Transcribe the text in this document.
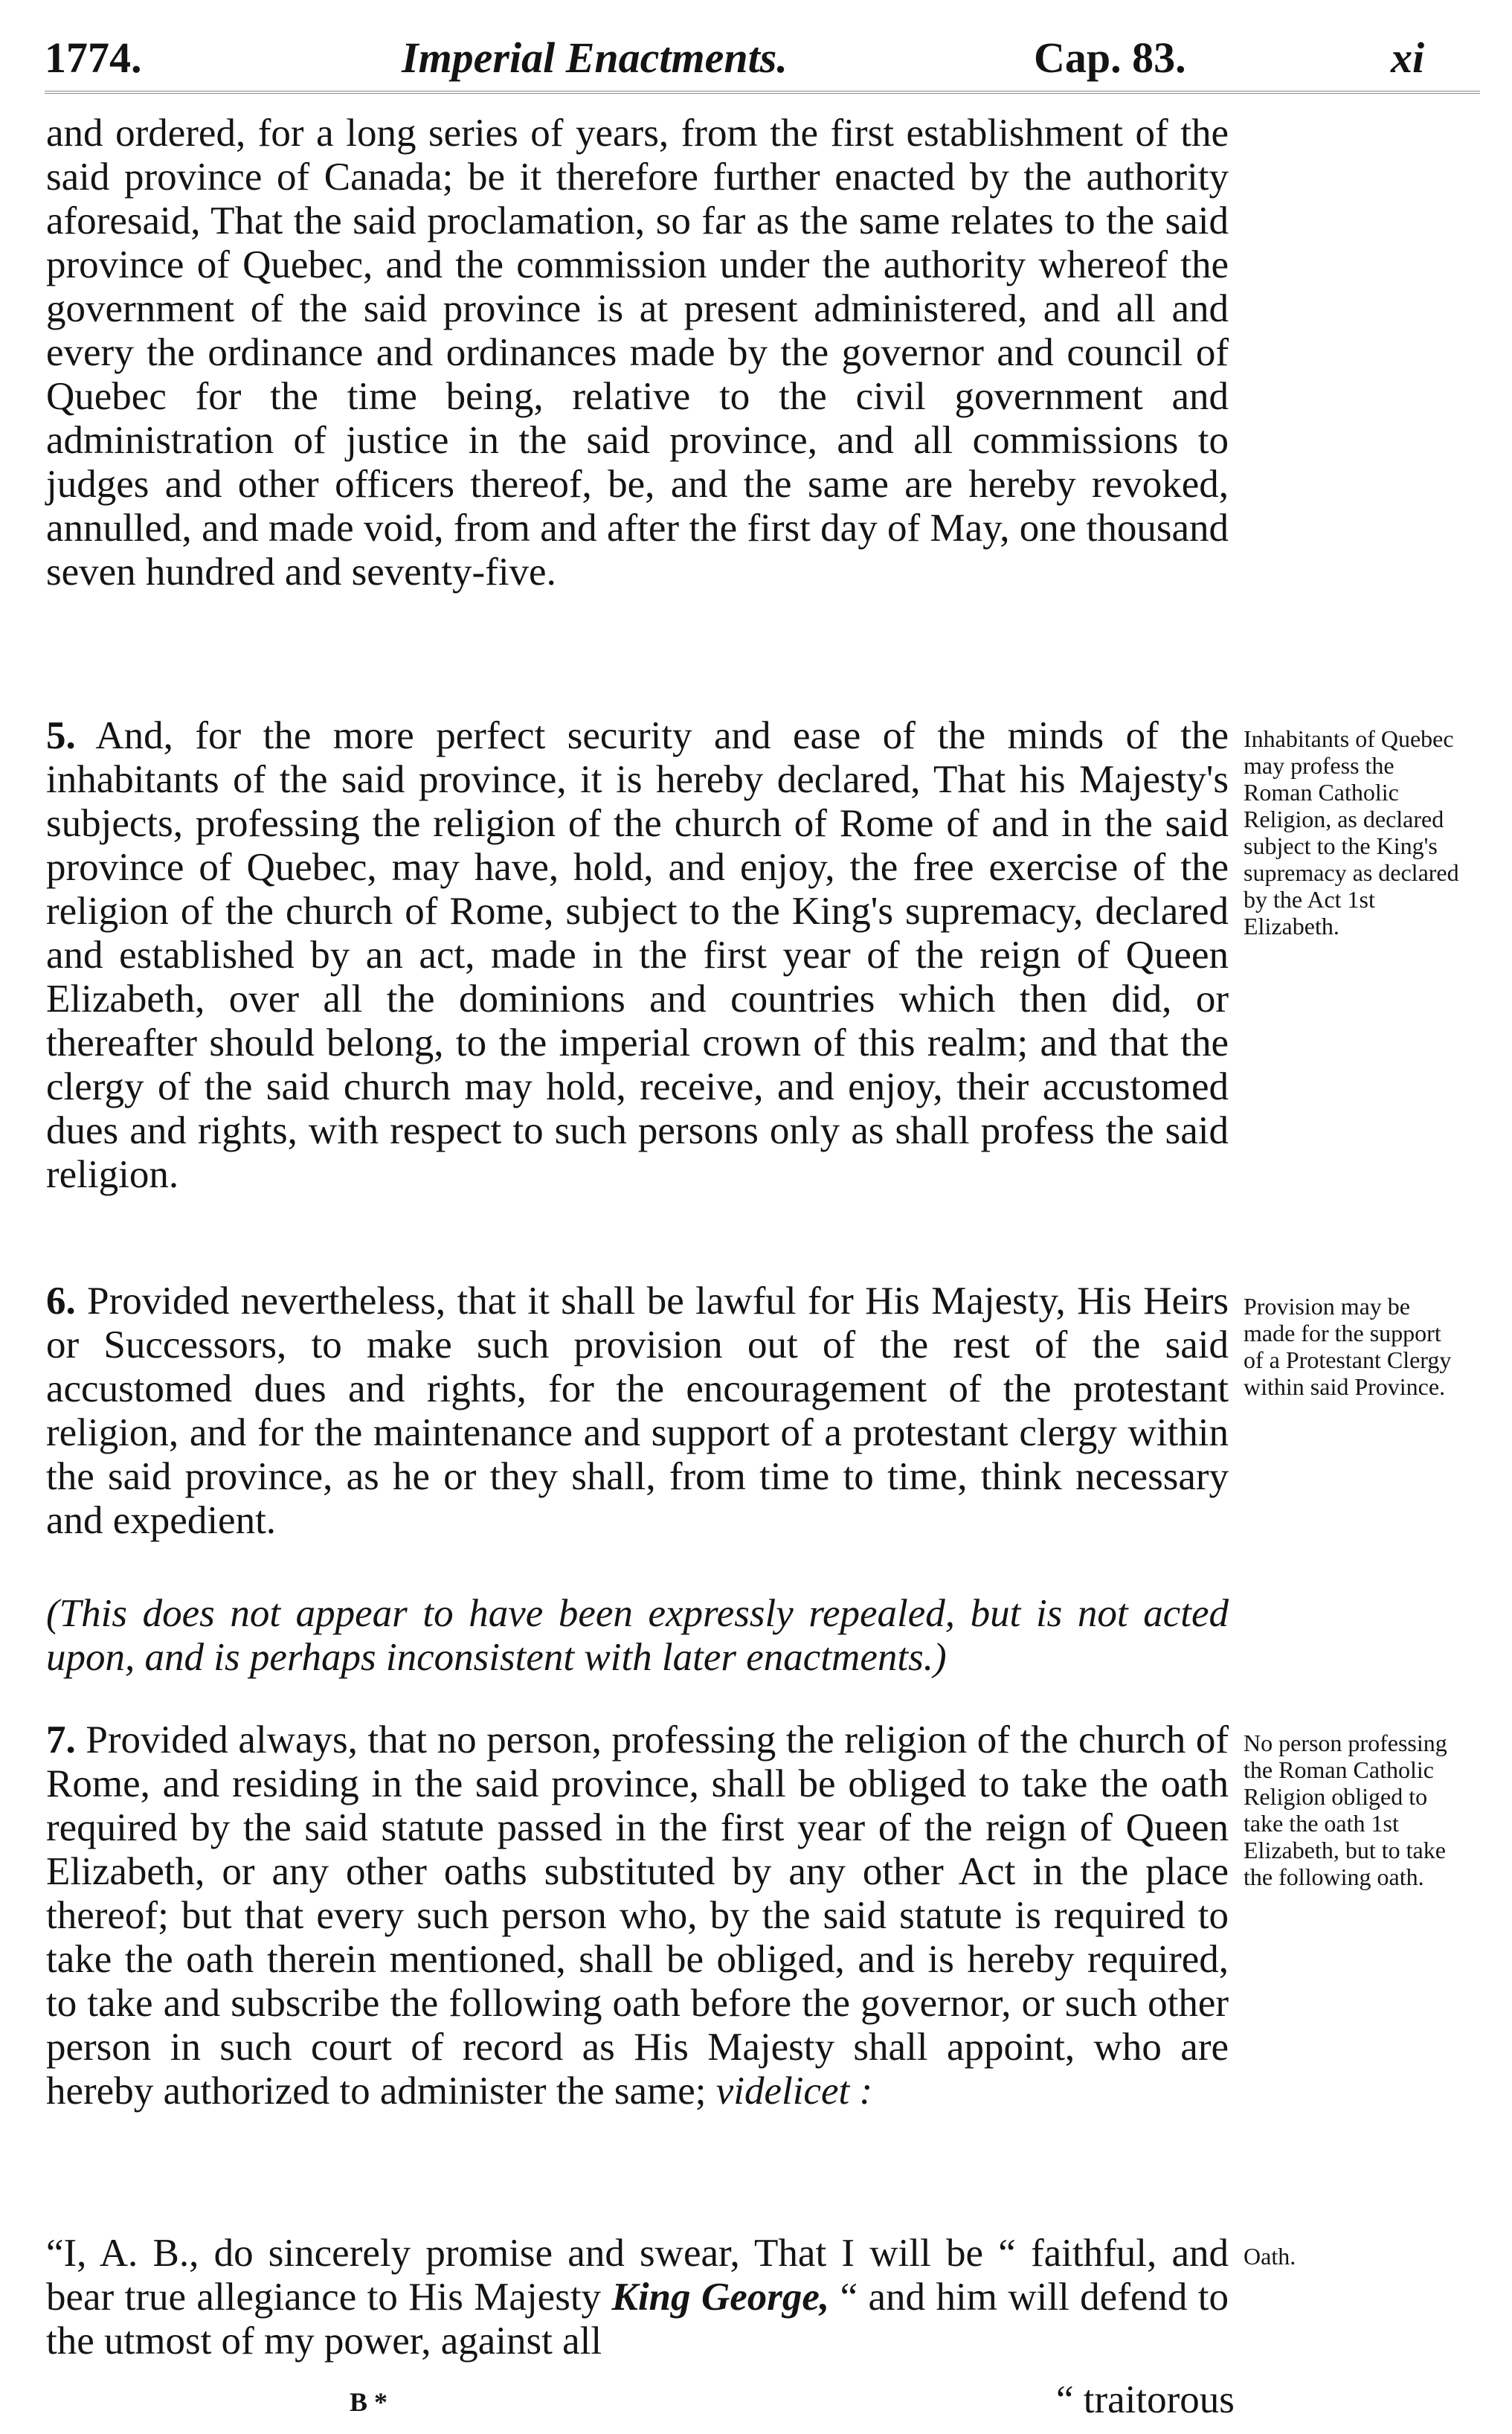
1774.	Imperial Enactments.	Cap. 83.	xi

and ordered, for a long series of years, from the first establishment of the said province of Canada; be it therefore further enacted by the authority aforesaid, That the said proclamation, so far as the same relates to the said province of Quebec, and the commission under the authority whereof the government of the said province is at present administered, and all and every the ordinance and ordinances made by the governor and council of Quebec for the time being, relative to the civil government and administration of justice in the said province, and all commissions to judges and other officers thereof, be, and the same are hereby revoked, annulled, and made void, from and after the first day of May, one thousand seven hundred and seventy-five.

5. And, for the more perfect security and ease of the minds of the inhabitants of the said province, it is hereby declared, That his Majesty's subjects, professing the religion of the church of Rome of and in the said province of Quebec, may have, hold, and enjoy, the free exercise of the religion of the church of Rome, subject to the King's supremacy, declared and established by an act, made in the first year of the reign of Queen Elizabeth, over all the dominions and countries which then did, or thereafter should belong, to the imperial crown of this realm; and that the clergy of the said church may hold, receive, and enjoy, their accustomed dues and rights, with respect to such persons only as shall profess the said religion.

Inhabitants of Quebec may profess the Roman Catholic Religion, as declared subject to the King's supremacy as declared by the Act 1st Elizabeth.

6. Provided nevertheless, that it shall be lawful for His Majesty, His Heirs or Successors, to make such provision out of the rest of the said accustomed dues and rights, for the encouragement of the protestant religion, and for the maintenance and support of a protestant clergy within the said province, as he or they shall, from time to time, think necessary and expedient.

Provision may be made for the support of a Protestant Clergy within said Province.

(This does not appear to have been expressly repealed, but is not acted upon, and is perhaps inconsistent with later enactments.)

7. Provided always, that no person, professing the religion of the church of Rome, and residing in the said province, shall be obliged to take the oath required by the said statute passed in the first year of the reign of Queen Elizabeth, or any other oaths substituted by any other Act in the place thereof; but that every such person who, by the said statute is required to take the oath therein mentioned, shall be obliged, and is hereby required, to take and subscribe the following oath before the governor, or such other person in such court of record as His Majesty shall appoint, who are hereby authorized to administer the same; videlicet :

No person professing the Roman Catholic Religion obliged to take the oath 1st Elizabeth, but to take the following oath.

“I, A. B., do sincerely promise and swear, That I will be “ faithful, and bear true allegiance to His Majesty King George, “ and him will defend to the utmost of my power, against all

Oath.
B *	“ traitorous
